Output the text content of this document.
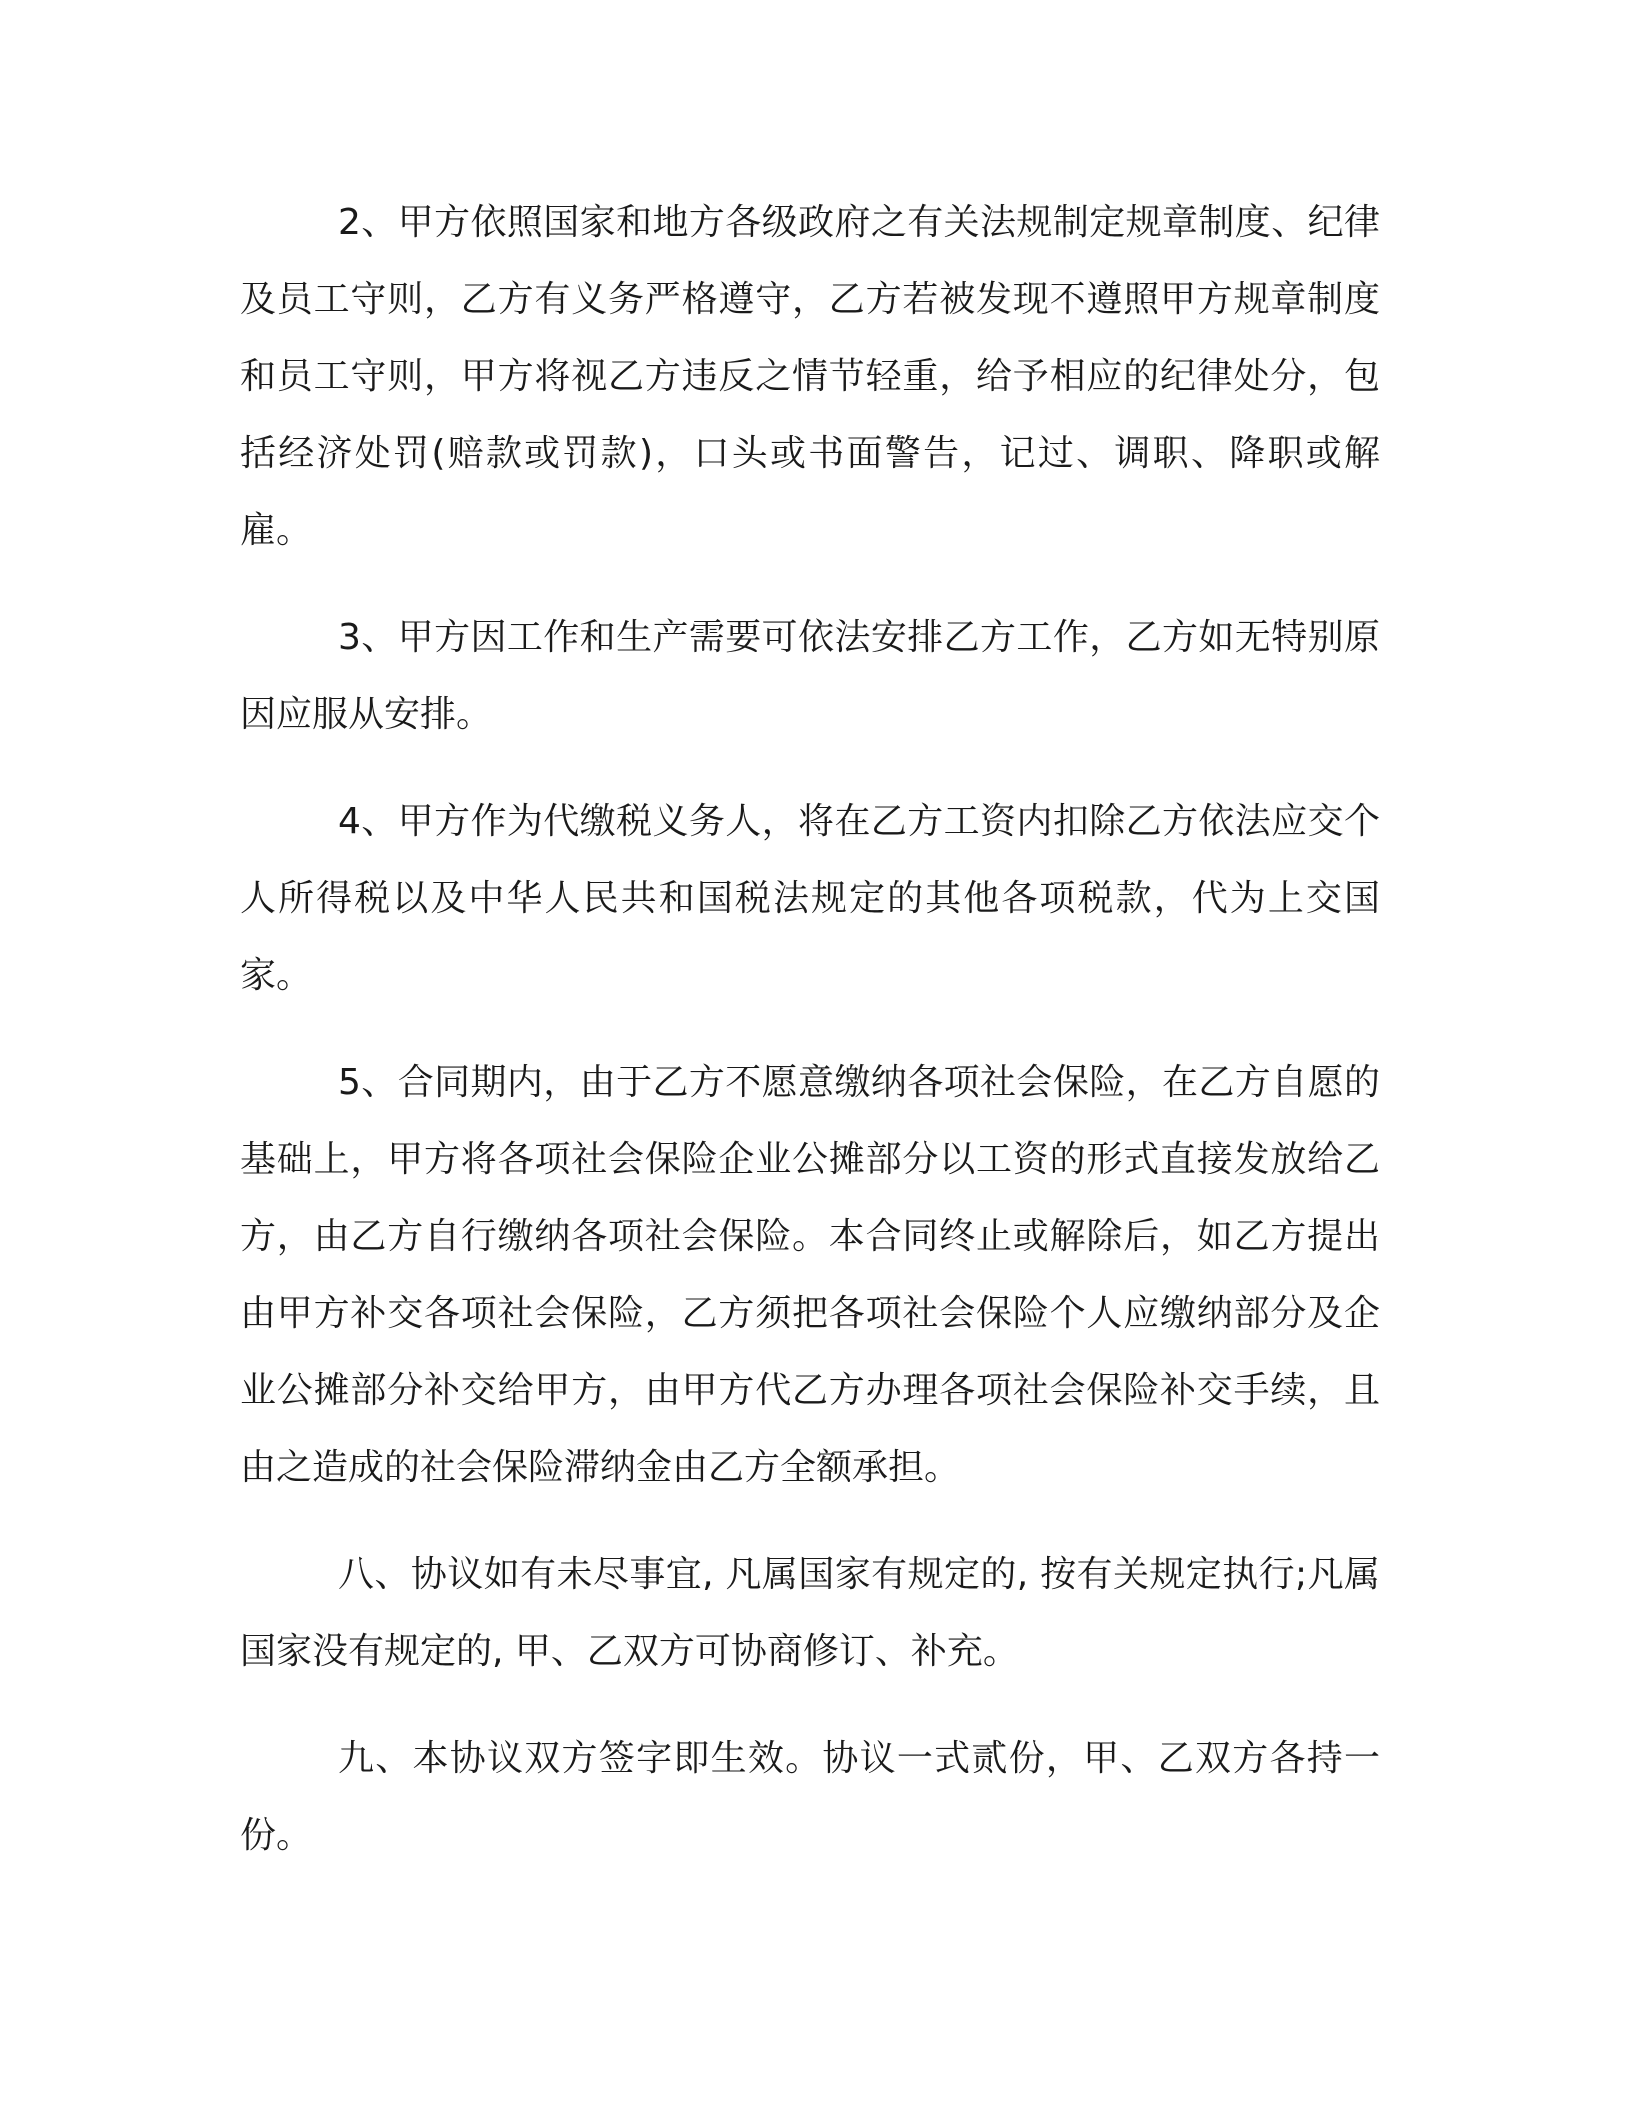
2、甲方依照国家和地方各级政府之有关法规制定规章制度、纪律及员工守则，乙方有义务严格遵守，乙方若被发现不遵照甲方规章制度和员工守则，甲方将视乙方违反之情节轻重，给予相应的纪律处分，包括经济处罚(赔款或罚款)，口头或书面警告，记过、调职、降职或解雇。

3、甲方因工作和生产需要可依法安排乙方工作，乙方如无特别原因应服从安排。

4、甲方作为代缴税义务人，将在乙方工资内扣除乙方依法应交个人所得税以及中华人民共和国税法规定的其他各项税款，代为上交国家。

5、合同期内，由于乙方不愿意缴纳各项社会保险，在乙方自愿的基础上，甲方将各项社会保险企业公摊部分以工资的形式直接发放给乙方，由乙方自行缴纳各项社会保险。本合同终止或解除后，如乙方提出由甲方补交各项社会保险，乙方须把各项社会保险个人应缴纳部分及企业公摊部分补交给甲方，由甲方代乙方办理各项社会保险补交手续，且由之造成的社会保险滞纳金由乙方全额承担。

八、协议如有未尽事宜, 凡属国家有规定的, 按有关规定执行;凡属国家没有规定的, 甲、乙双方可协商修订、补充。

九、本协议双方签字即生效。协议一式贰份，甲、乙双方各持一份。
